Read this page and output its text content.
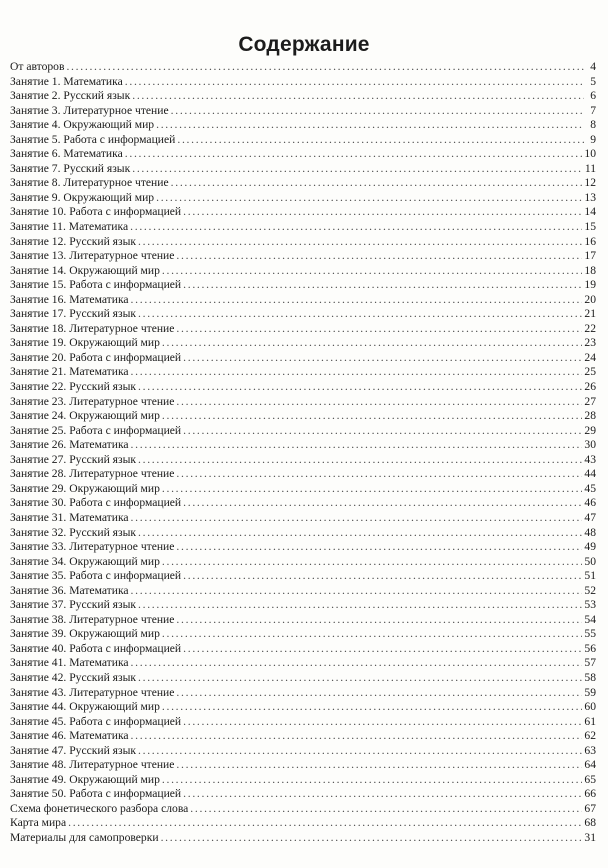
Содержание
От авторов . . .	4
Занятие 1. Математика . . .	5
Занятие 2. Русский язык . . .	6
Занятие 3. Литературное чтение . . .	7
Занятие 4. Окружающий мир . . .	8
Занятие 5. Работа с информацией . . .	9
Занятие 6. Математика . . .	10
Занятие 7. Русский язык . . .	11
Занятие 8. Литературное чтение . . .	12
Занятие 9. Окружающий мир . . .	13
Занятие 10. Работа с информацией . . .	14
Занятие 11. Математика . . .	15
Занятие 12. Русский язык . . .	16
Занятие 13. Литературное чтение . . .	17
Занятие 14. Окружающий мир . . .	18
Занятие 15. Работа с информацией . . .	19
Занятие 16. Математика . . .	20
Занятие 17. Русский язык . . .	21
Занятие 18. Литературное чтение . . .	22
Занятие 19. Окружающий мир . . .	23
Занятие 20. Работа с информацией . . .	24
Занятие 21. Математика . . .	25
Занятие 22. Русский язык . . .	26
Занятие 23. Литературное чтение . . .	27
Занятие 24. Окружающий мир . . .	28
Занятие 25. Работа с информацией . . .	29
Занятие 26. Математика . . .	30
Занятие 27. Русский язык . . .	43
Занятие 28. Литературное чтение . . .	44
Занятие 29. Окружающий мир . . .	45
Занятие 30. Работа с информацией . . .	46
Занятие 31. Математика . . .	47
Занятие 32. Русский язык . . .	48
Занятие 33. Литературное чтение . . .	49
Занятие 34. Окружающий мир . . .	50
Занятие 35. Работа с информацией . . .	51
Занятие 36. Математика . . .	52
Занятие 37. Русский язык . . .	53
Занятие 38. Литературное чтение . . .	54
Занятие 39. Окружающий мир . . .	55
Занятие 40. Работа с информацией . . .	56
Занятие 41. Математика . . .	57
Занятие 42. Русский язык . . .	58
Занятие 43. Литературное чтение . . .	59
Занятие 44. Окружающий мир . . .	60
Занятие 45. Работа с информацией . . .	61
Занятие 46. Математика . . .	62
Занятие 47. Русский язык . . .	63
Занятие 48. Литературное чтение . . .	64
Занятие 49. Окружающий мир . . .	65
Занятие 50. Работа с информацией . . .	66
Схема фонетического разбора слова . . .	67
Карта мира . . .	68
Материалы для самопроверки . . .	31
